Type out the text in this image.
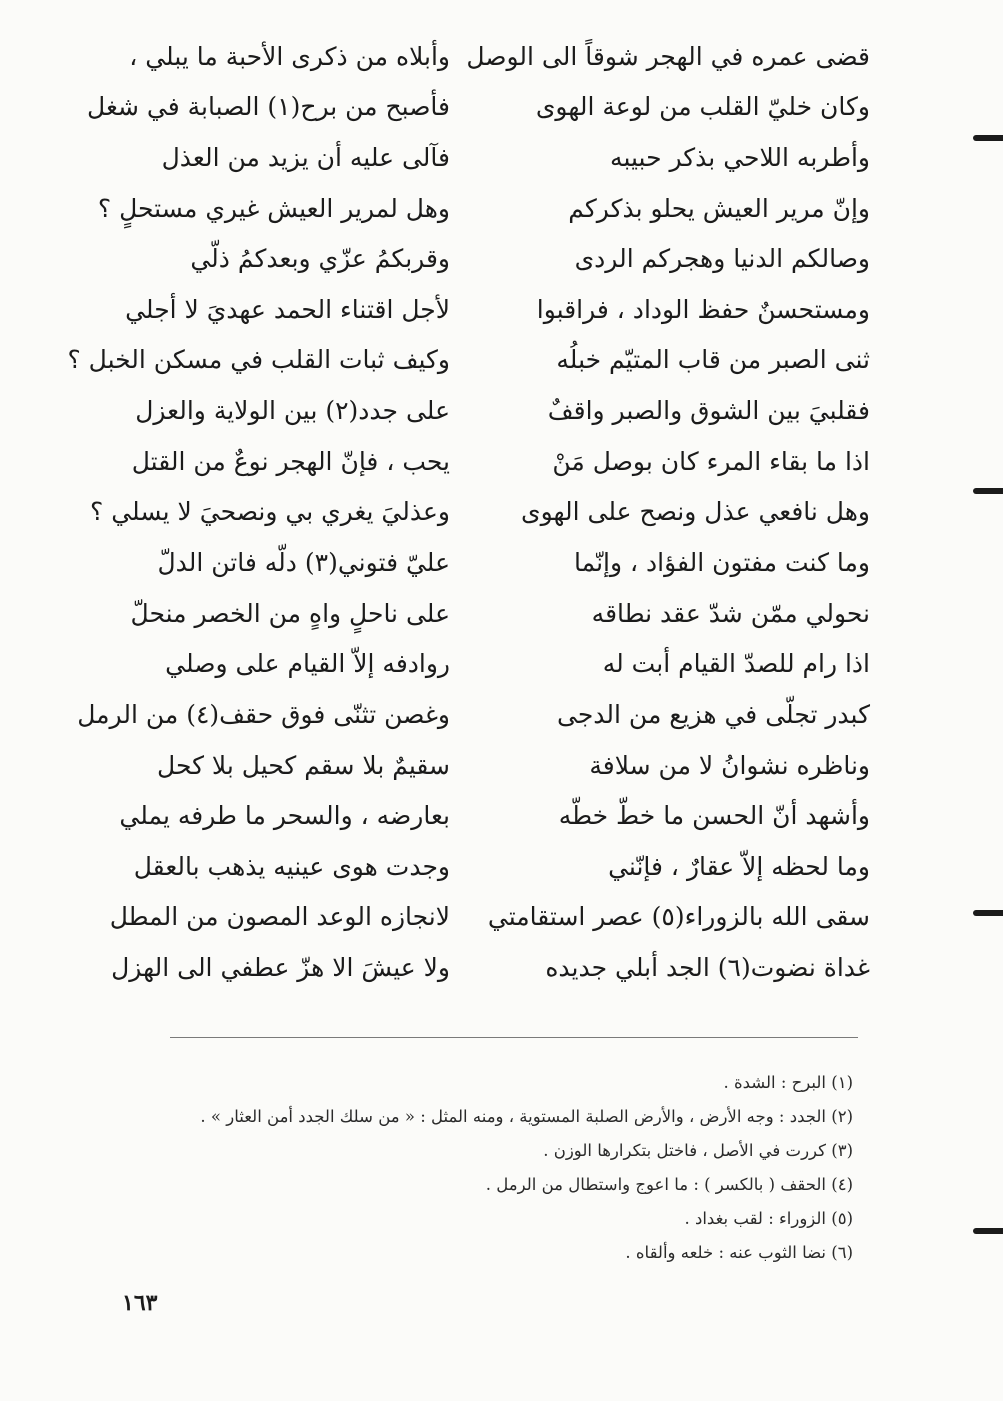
قضى عمره في الهجر شوقاً الى الوصل
وأبلاه من ذكرى الأحبة ما يبلي ،
وكان خليّ القلب من لوعة الهوى
فأصبح من برح(١) الصبابة في شغل
وأطربه اللاحي بذكر حبيبه
فآلى عليه أن يزيد من العذل
وإنّ مرير العيش يحلو بذكركم
وهل لمرير العيش غيري مستحلٍ ؟
وصالكم الدنيا وهجركم الردى
وقربكمُ عزّي وبعدكمُ ذلّي
ومستحسنٌ حفظ الوداد ، فراقبوا
لأجل اقتناء الحمد عهديَ لا أجلي
ثنى الصبر من قاب المتيّم خبلُه
وكيف ثبات القلب في مسكن الخبل ؟
فقلبيَ بين الشوق والصبر واقفٌ
على جدد(٢) بين الولاية والعزل
اذا ما بقاء المرء كان بوصل مَنْ
يحب ، فإنّ الهجر نوعٌ من القتل
وهل نافعي عذل ونصح على الهوى
وعذليَ يغري بي ونصحيَ لا يسلي ؟
وما كنت مفتون الفؤاد ، وإنّما
عليّ فتوني(٣) دلّه فاتن الدلّ
نحولي ممّن شدّ عقد نطاقه
على ناحلٍ واهٍ من الخصر منحلّ
اذا رام للصدّ القيام أبت له
روادفه إلاّ القيام على وصلي
كبدر تجلّى في هزيع من الدجى
وغصن تثنّى فوق حقف(٤) من الرمل
وناظره نشوانُ لا من سلافة
سقيمٌ بلا سقم كحيل بلا كحل
وأشهد أنّ الحسن ما خطّ خطّه
بعارضه ، والسحر ما طرفه يملي
وما لحظه إلاّ عقارٌ ، فإنّني
وجدت هوى عينيه يذهب بالعقل
سقى الله بالزوراء(٥) عصر استقامتي
لانجازه الوعد المصون من المطل
غداة نضوت(٦) الجد أبلي جديده
ولا عيشَ الا هزّ عطفي الى الهزل
(١) البرح : الشدة .
(٢) الجدد : وجه الأرض ، والأرض الصلبة المستوية ، ومنه المثل : « من سلك الجدد أمن العثار » .
(٣) كررت في الأصل ، فاختل بتكرارها الوزن .
(٤) الحقف ( بالكسر ) : ما اعوج واستطال من الرمل .
(٥) الزوراء : لقب بغداد .
(٦) نضا الثوب عنه : خلعه وألقاه .
١٦٣
